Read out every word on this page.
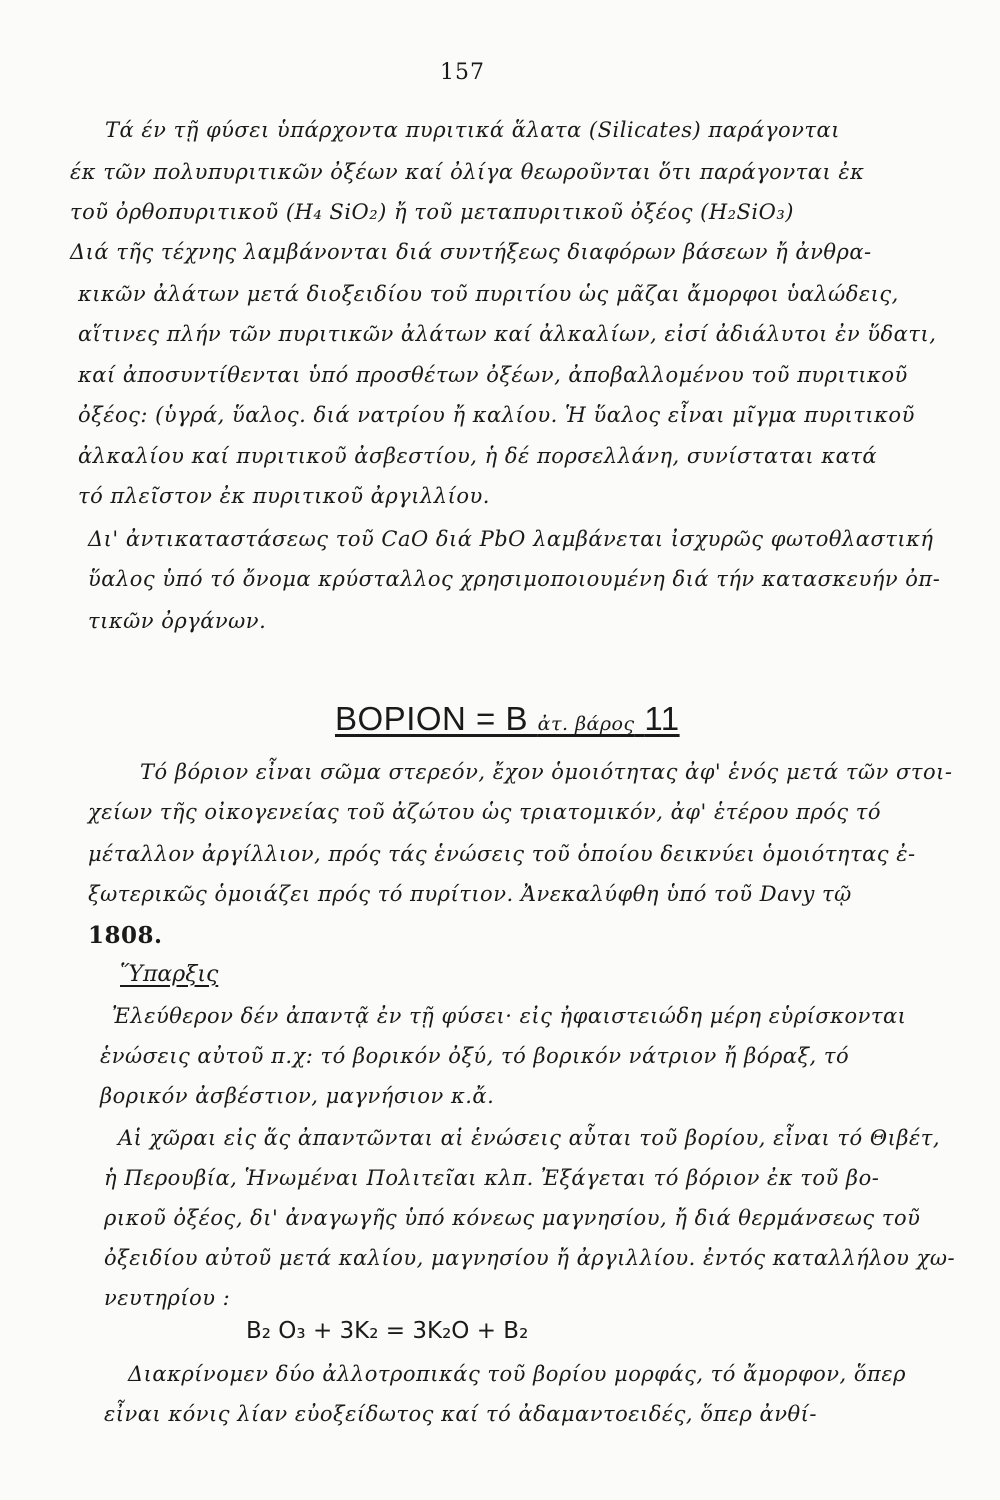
157
Τά έν τῇ φύσει ὑπάρχοντα πυριτικά ἅλατα (Silicates) παράγονται
έκ τῶν πολυπυριτικῶν ὀξέων καί ὀλίγα θεωροῦνται ὅτι παράγονται ἐκ
τοῦ ὀρθοπυριτικοῦ (H₄ SiO₂) ἤ τοῦ μεταπυριτικοῦ ὀξέος (H₂SiO₃)
Διά τῆς τέχνης λαμβάνονται διά συντήξεως διαφόρων βάσεων ἤ ἀνθρα-
κικῶν ἀλάτων μετά διοξειδίου τοῦ πυριτίου ὡς μᾶζαι ἄμορφοι ὑαλώδεις,
αἵτινες πλήν τῶν πυριτικῶν ἀλάτων καί ἀλκαλίων, εἰσί ἀδιάλυτοι ἐν ὕδατι,
καί ἀποσυντίθενται ὑπό προσθέτων ὀξέων, ἀποβαλλομένου τοῦ πυριτικοῦ
ὀξέος: (ὑγρά, ὕαλος. διά νατρίου ἤ καλίου. Ἡ ὕαλος εἶναι μῖγμα πυριτικοῦ
ἀλκαλίου καί πυριτικοῦ ἀσβεστίου, ἡ δέ πορσελλάνη, συνίσταται κατά
τό πλεῖστον ἐκ πυριτικοῦ ἀργιλλίου.
Δι' ἀντικαταστάσεως τοῦ CaO διά PbO λαμβάνεται ἰσχυρῶς φωτοθλαστική
ὕαλος ὑπό τό ὄνομα κρύσταλλος χρησιμοποιουμένη διά τήν κατασκευήν ὀπ-
τικῶν ὀργάνων.
ΒΟΡΙΟΝ = Β ἀτ. βάρος 11
Τό βόριον εἶναι σῶμα στερεόν, ἔχον ὁμοιότητας ἀφ' ἑνός μετά τῶν στοι-
χείων τῆς οἰκογενείας τοῦ ἀζώτου ὡς τριατομικόν, ἀφ' ἑτέρου πρός τό
μέταλλον ἀργίλλιον, πρός τάς ἑνώσεις τοῦ ὁποίου δεικνύει ὁμοιότητας ἐ-
ξωτερικῶς ὁμοιάζει πρός τό πυρίτιον. Ἀνεκαλύφθη ὑπό τοῦ Davy τῷ
1808.
Ὕπαρξις
Ἐλεύθερον δέν ἀπαντᾷ ἐν τῇ φύσει· εἰς ἠφαιστειώδη μέρη εὑρίσκονται
ἑνώσεις αὐτοῦ π.χ: τό βορικόν ὀξύ, τό βορικόν νάτριον ἤ βόραξ, τό
βορικόν ἀσβέστιον, μαγνήσιον κ.ἄ.
Αἱ χῶραι εἰς ἅς ἀπαντῶνται αἱ ἑνώσεις αὗται τοῦ βορίου, εἶναι τό Θιβέτ,
ἡ Περουβία, Ἡνωμέναι Πολιτεῖαι κλπ. Ἐξάγεται τό βόριον ἐκ τοῦ βο-
ρικοῦ ὀξέος, δι' ἀναγωγῆς ὑπό κόνεως μαγνησίου, ἤ διά θερμάνσεως τοῦ
ὀξειδίου αὐτοῦ μετά καλίου, μαγνησίου ἤ ἀργιλλίου. ἐντός καταλλήλου χω-
νευτηρίου :
B₂ O₃ + 3K₂ = 3K₂O + B₂
Διακρίνομεν δύο ἀλλοτροπικάς τοῦ βορίου μορφάς, τό ἄμορφον, ὅπερ
εἶναι κόνις λίαν εὐοξείδωτος καί τό ἀδαμαντοειδές, ὅπερ ἀνθί-
